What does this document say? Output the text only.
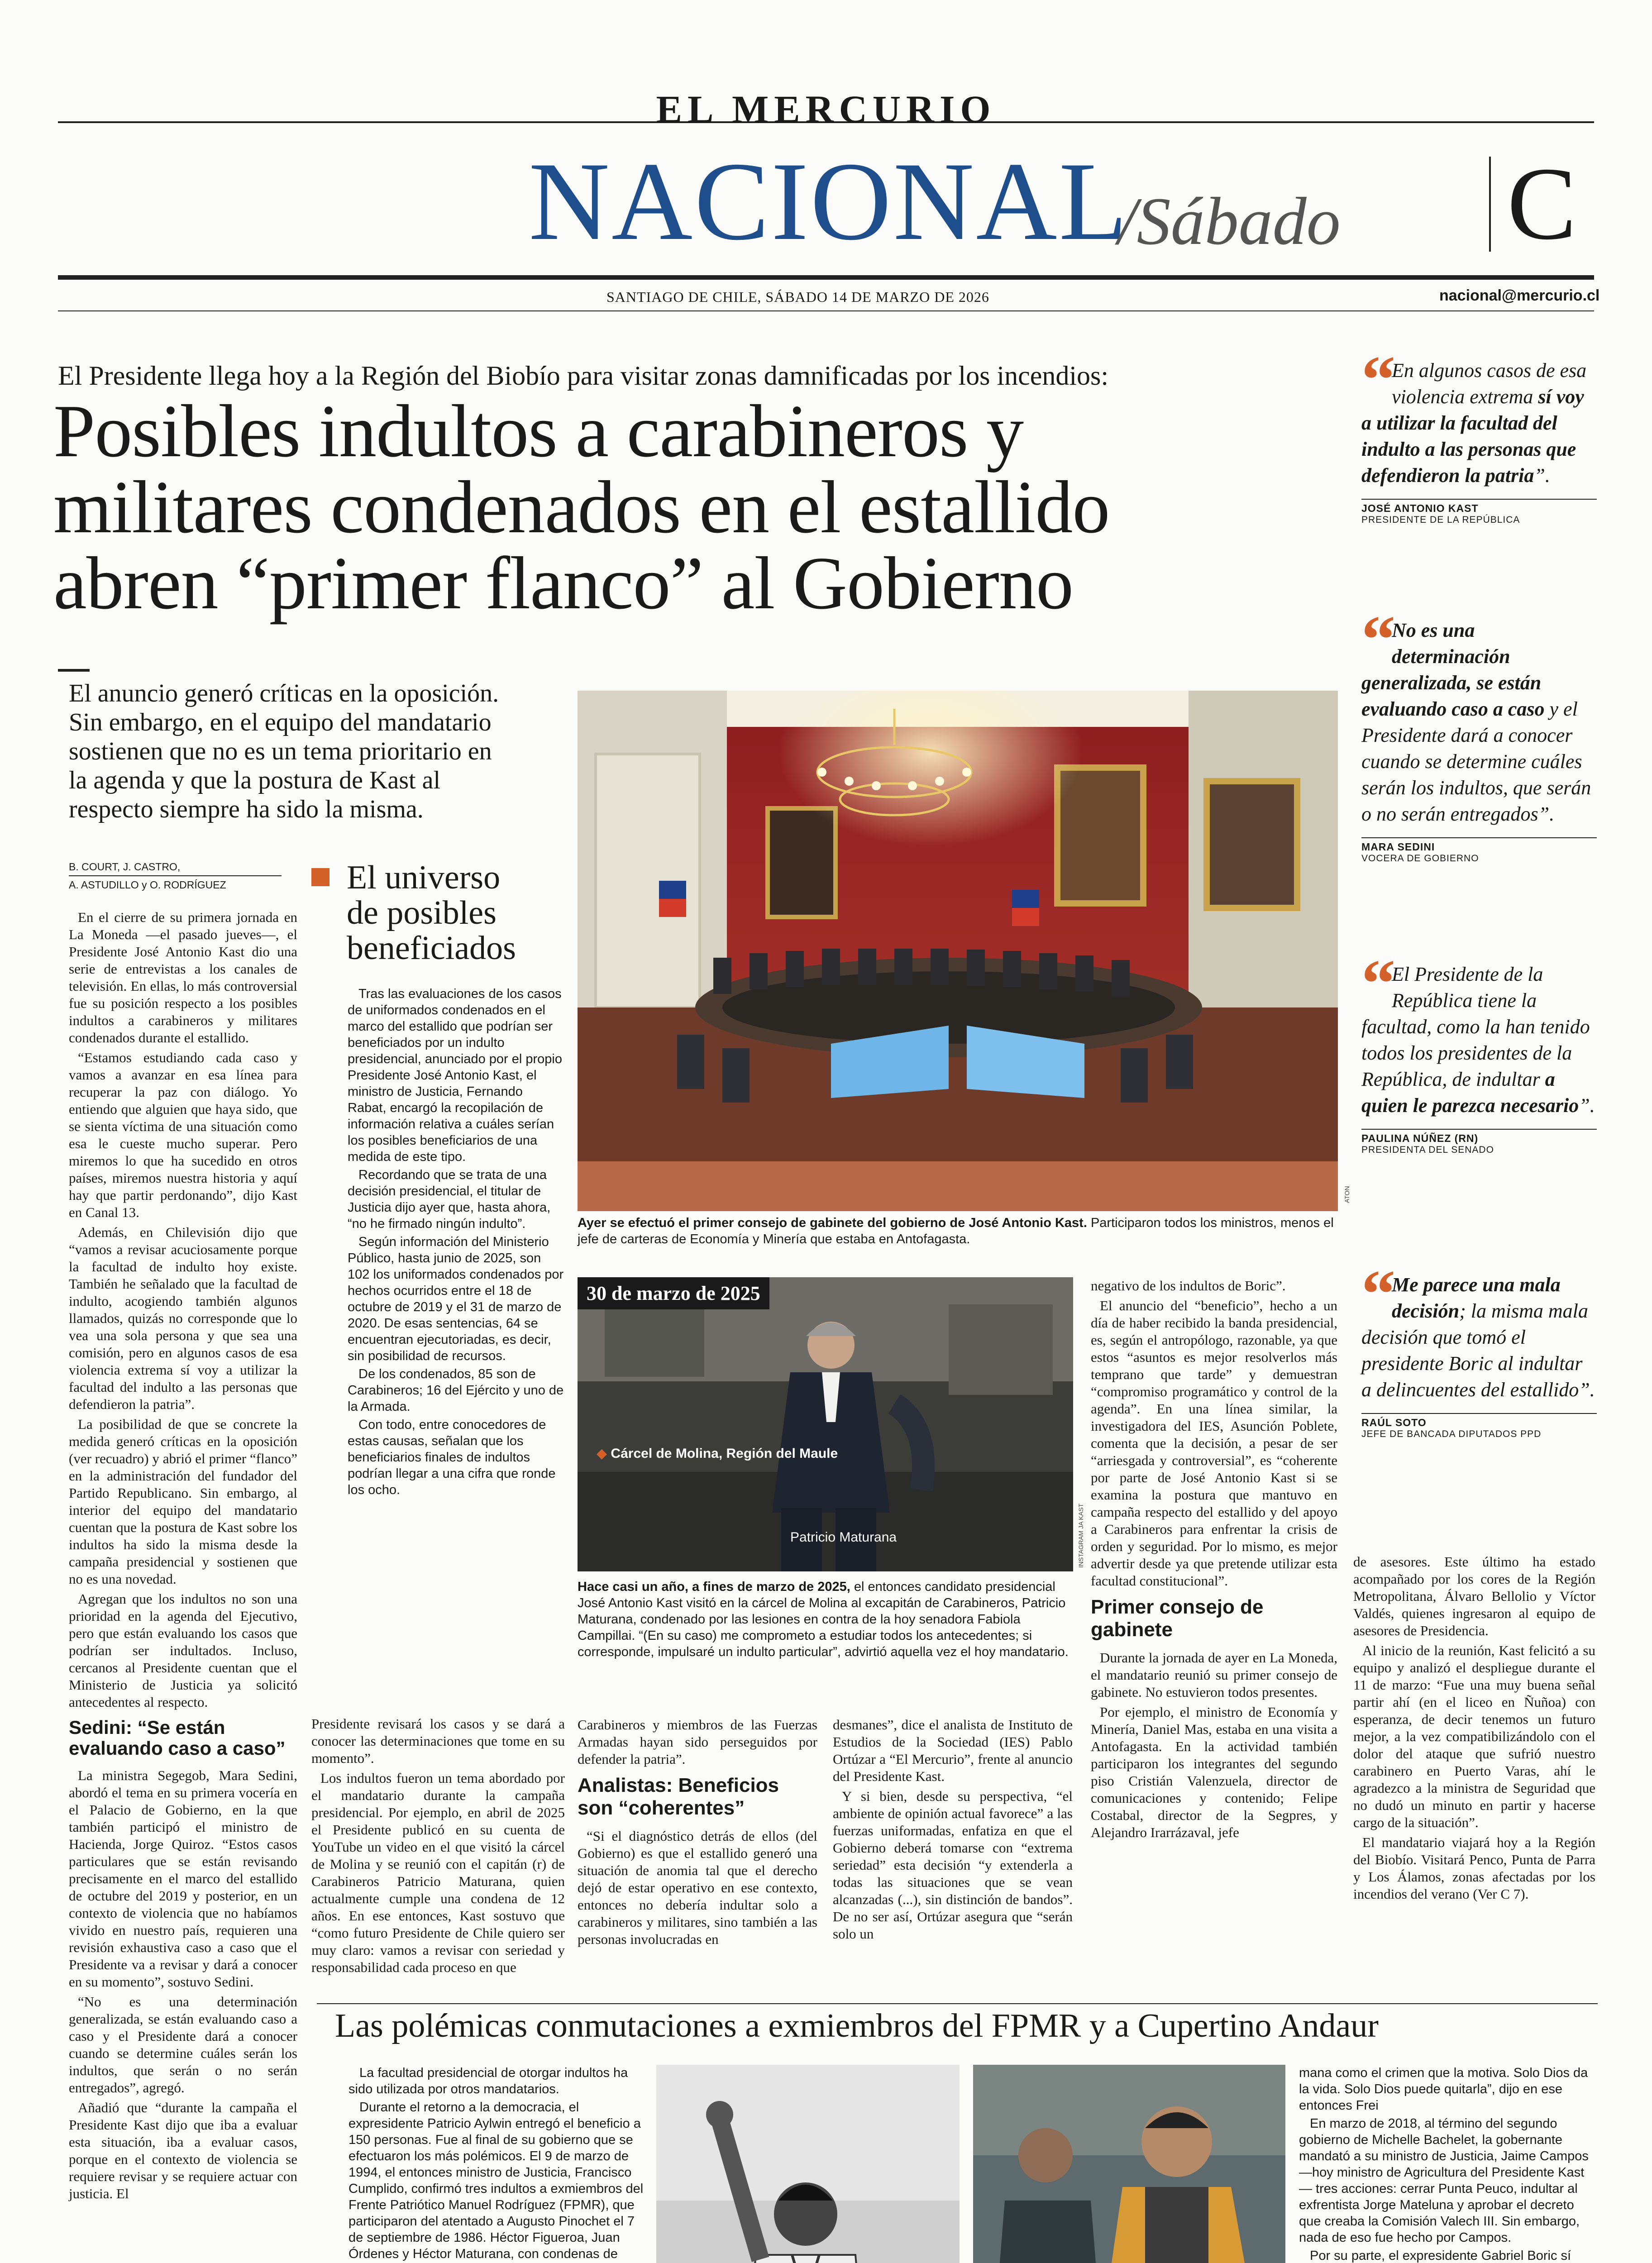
EL MERCURIO
NACIONAL
/Sábado C
SANTIAGO DE CHILE, SÁBADO 14 DE MARZO DE 2026	nacional@mercurio.cl
El Presidente llega hoy a la Región del Biobío para visitar zonas damnificadas por los incendios:
Posibles indultos a carabineros y
militares condenados en el estallido
abren “primer flanco” al Gobierno
El anuncio generó críticas en la oposición.
Sin embargo, en el equipo del mandatario
sostienen que no es un tema prioritario en
la agenda y que la postura de Kast al
respecto siempre ha sido la misma.
B. COURT, J. CASTRO,
A. ASTUDILLO y O. RODRÍGUEZ

En el cierre de su primera jornada en La Moneda —el pasado jueves—, el Presidente José Antonio Kast dio una serie de entrevistas a los canales de televisión. En ellas, lo más controversial fue su posición respecto a los posibles indultos a carabineros y militares condenados durante el estallido.

“Estamos estudiando cada caso y vamos a avanzar en esa línea para recuperar la paz con diálogo. Yo entiendo que alguien que haya sido, que se sienta víctima de una situación como esa le cueste mucho superar. Pero miremos lo que ha sucedido en otros países, miremos nuestra historia y aquí hay que partir perdonando”, dijo Kast en Canal 13.

Además, en Chilevisión dijo que “vamos a revisar acuciosamente porque la facultad de indulto hoy existe. También he señalado que la facultad de indulto, acogiendo también algunos llamados, quizás no corresponde que lo vea una sola persona y que sea una comisión, pero en algunos casos de esa violencia extrema sí voy a utilizar la facultad del indulto a las personas que defendieron la patria”.

La posibilidad de que se concrete la medida generó críticas en la oposición (ver recuadro) y abrió el primer “flanco” en la administración del fundador del Partido Republicano. Sin embargo, al interior del equipo del mandatario cuentan que la postura de Kast sobre los indultos ha sido la misma desde la campaña presidencial y sostienen que no es una novedad.

Agregan que los indultos no son una prioridad en la agenda del Ejecutivo, pero que están evaluando los casos que podrían ser indultados. Incluso, cercanos al Presidente cuentan que el Ministerio de Justicia ya solicitó antecedentes al respecto.

Sedini: “Se están evaluando caso a caso”

La ministra Segegob, Mara Sedini, abordó el tema en su primera vocería en el Palacio de Gobierno, en la que también participó el ministro de Hacienda, Jorge Quiroz. “Estos casos particulares que se están revisando precisamente en el marco del estallido de octubre del 2019 y posterior, en un contexto de violencia que no habíamos vivido en nuestro país, requieren una revisión exhaustiva caso a caso que el Presidente va a revisar y dará a conocer en su momento”, sostuvo Sedini.

“No es una determinación generalizada, se están evaluando caso a caso y el Presidente dará a conocer cuando se determine cuáles serán los indultos, que serán o no serán entregados”, agregó.

Añadió que “durante la campaña el Presidente Kast dijo que iba a evaluar esta situación, iba a evaluar casos, porque en el contexto de violencia se requiere revisar y se requiere actuar con justicia. El

El universo
de posibles
beneficiados

Tras las evaluaciones de los casos de uniformados condenados en el marco del estallido que podrían ser beneficiados por un indulto presidencial, anunciado por el propio Presidente José Antonio Kast, el ministro de Justicia, Fernando Rabat, encargó la recopilación de información relativa a cuáles serían los posibles beneficiarios de una medida de este tipo.

Recordando que se trata de una decisión presidencial, el titular de Justicia dijo ayer que, hasta ahora, “no he firmado ningún indulto”.

Según información del Ministerio Público, hasta junio de 2025, son 102 los uniformados condenados por hechos ocurridos entre el 18 de octubre de 2019 y el 31 de marzo de 2020. De esas sentencias, 64 se encuentran ejecutoriadas, es decir, sin posibilidad de recursos.

De los condenados, 85 son de Carabineros; 16 del Ejército y uno de la Armada.

Con todo, entre conocedores de estas causas, señalan que los beneficiarios finales de indultos podrían llegar a una cifra que ronde los ocho.

Presidente revisará los casos y se dará a conocer las determinaciones que tome en su momento”.

Los indultos fueron un tema abordado por el mandatario durante la campaña presidencial. Por ejemplo, en abril de 2025 el Presidente publicó en su cuenta de YouTube un video en el que visitó la cárcel de Molina y se reunió con el capitán (r) de Carabineros Patricio Maturana, quien actualmente cumple una condena de 12 años. En ese entonces, Kast sostuvo que “como futuro Presidente de Chile quiero ser muy claro: vamos a revisar con seriedad y responsabilidad cada proceso en que

ATON
Ayer se efectuó el primer consejo de gabinete del gobierno de José Antonio Kast. Participaron todos los ministros, menos el jefe de carteras de Economía y Minería que estaba en Antofagasta.
30 de marzo de 2025
◆ Cárcel de Molina, Región del Maule
Patricio Maturana	INSTAGRAM JA KAST
Hace casi un año, a fines de marzo de 2025, el entonces candidato presidencial José Antonio Kast visitó en la cárcel de Molina al excapitán de Carabineros, Patricio Maturana, condenado por las lesiones en contra de la hoy senadora Fabiola Campillai. “(En su caso) me comprometo a estudiar todos los antecedentes; si corresponde, impulsaré un indulto particular”, advirtió aquella vez el hoy mandatario.

Carabineros y miembros de las Fuerzas Armadas hayan sido perseguidos por defender la patria”.

Analistas: Beneficios son “coherentes”

“Si el diagnóstico detrás de ellos (del Gobierno) es que el estallido generó una situación de anomia tal que el derecho dejó de estar operativo en ese contexto, entonces no debería indultar solo a carabineros y militares, sino también a las personas involucradas en

desmanes”, dice el analista de Instituto de Estudios de la Sociedad (IES) Pablo Ortúzar a “El Mercurio”, frente al anuncio del Presidente Kast.

Y si bien, desde su perspectiva, “el ambiente de opinión actual favorece” a las fuerzas uniformadas, enfatiza en que el Gobierno deberá tomarse con “extrema seriedad” esta decisión “y extenderla a todas las situaciones que se vean alcanzadas (...), sin distinción de bandos”. De no ser así, Ortúzar asegura que “serán solo un

negativo de los indultos de Boric”.

El anuncio del “beneficio”, hecho a un día de haber recibido la banda presidencial, es, según el antropólogo, razonable, ya que estos “asuntos es mejor resolverlos más temprano que tarde” y demuestran “compromiso programático y control de la agenda”. En una línea similar, la investigadora del IES, Asunción Poblete, comenta que la decisión, a pesar de ser “arriesgada y controversial”, es “coherente por parte de José Antonio Kast si se examina la postura que mantuvo en campaña respecto del estallido y del apoyo a Carabineros para enfrentar la crisis de orden y seguridad. Por lo mismo, es mejor advertir desde ya que pretende utilizar esta facultad constitucional”.

Primer consejo de gabinete

Durante la jornada de ayer en La Moneda, el mandatario reunió su primer consejo de gabinete. No estuvieron todos presentes.

Por ejemplo, el ministro de Economía y Minería, Daniel Mas, estaba en una visita a Antofagasta. En la actividad también participaron los integrantes del segundo piso Cristián Valenzuela, director de comunicaciones y contenido; Felipe Costabal, director de la Segpres, y Alejandro Irarrázaval, jefe

“ En algunos casos de esa violencia extrema sí voy a utilizar la facultad del indulto a las personas que defendieron la patria”.
JOSÉ ANTONIO KAST
PRESIDENTE DE LA REPÚBLICA
“ No es una determinación generalizada, se están evaluando caso a caso y el Presidente dará a conocer cuando se determine cuáles serán los indultos, que serán o no serán entregados”.
MARA SEDINI
VOCERA DE GOBIERNO
“ El Presidente de la República tiene la facultad, como la han tenido todos los presidentes de la República, de indultar a quien le parezca necesario”.
PAULINA NÚÑEZ (RN)
PRESIDENTA DEL SENADO
“ Me parece una mala decisión; la misma mala decisión que tomó el presidente Boric al indultar a delincuentes del estallido”.
RAÚL SOTO
JEFE DE BANCADA DIPUTADOS PPD

de asesores. Este último ha estado acompañado por los cores de la Región Metropolitana, Álvaro Bellolio y Víctor Valdés, quienes ingresaron al equipo de asesores de Presidencia.

Al inicio de la reunión, Kast felicitó a su equipo y analizó el despliegue durante el 11 de marzo: “Fue una muy buena señal partir ahí (en el liceo en Ñuñoa) con esperanza, de decir tenemos un futuro mejor, a la vez compatibilizándolo con el dolor del ataque que sufrió nuestro carabinero en Puerto Varas, ahí le agradezco a la ministra de Seguridad que no dudó un minuto en partir y hacerse cargo de la situación”.

El mandatario viajará hoy a la Región del Biobío. Visitará Penco, Punta de Parra y Los Álamos, zonas afectadas por los incendios del verano (Ver C 7).

Las polémicas conmutaciones a exmiembros del FPMR y a Cupertino Andaur

La facultad presidencial de otorgar indultos ha sido utilizada por otros mandatarios.

Durante el retorno a la democracia, el expresidente Patricio Aylwin entregó el beneficio a 150 personas. Fue al final de su gobierno que se efectuaron los más polémicos. El 9 de marzo de 1994, el entonces ministro de Justicia, Francisco Cumplido, confirmó tres indultos a exmiembros del Frente Patriótico Manuel Rodríguez (FPMR), que participaron del atentado a Augusto Pinochet el 7 de septiembre de 1986. Héctor Figueroa, Juan Órdenes y Héctor Maturana, con condenas de

mana como el crimen que la motiva. Solo Dios da la vida. Solo Dios puede quitarla”, dijo en ese entonces Frei

En marzo de 2018, al término del segundo gobierno de Michelle Bachelet, la gobernante mandató a su ministro de Justicia, Jaime Campos —hoy ministro de Agricultura del Presidente Kast— tres acciones: cerrar Punta Peuco, indultar al exfrentista Jorge Mateluna y aprobar el decreto que creaba la Comisión Valech III. Sin embargo, nada de eso fue hecho por Campos.

Por su parte, el expresidente Gabriel Boric sí
